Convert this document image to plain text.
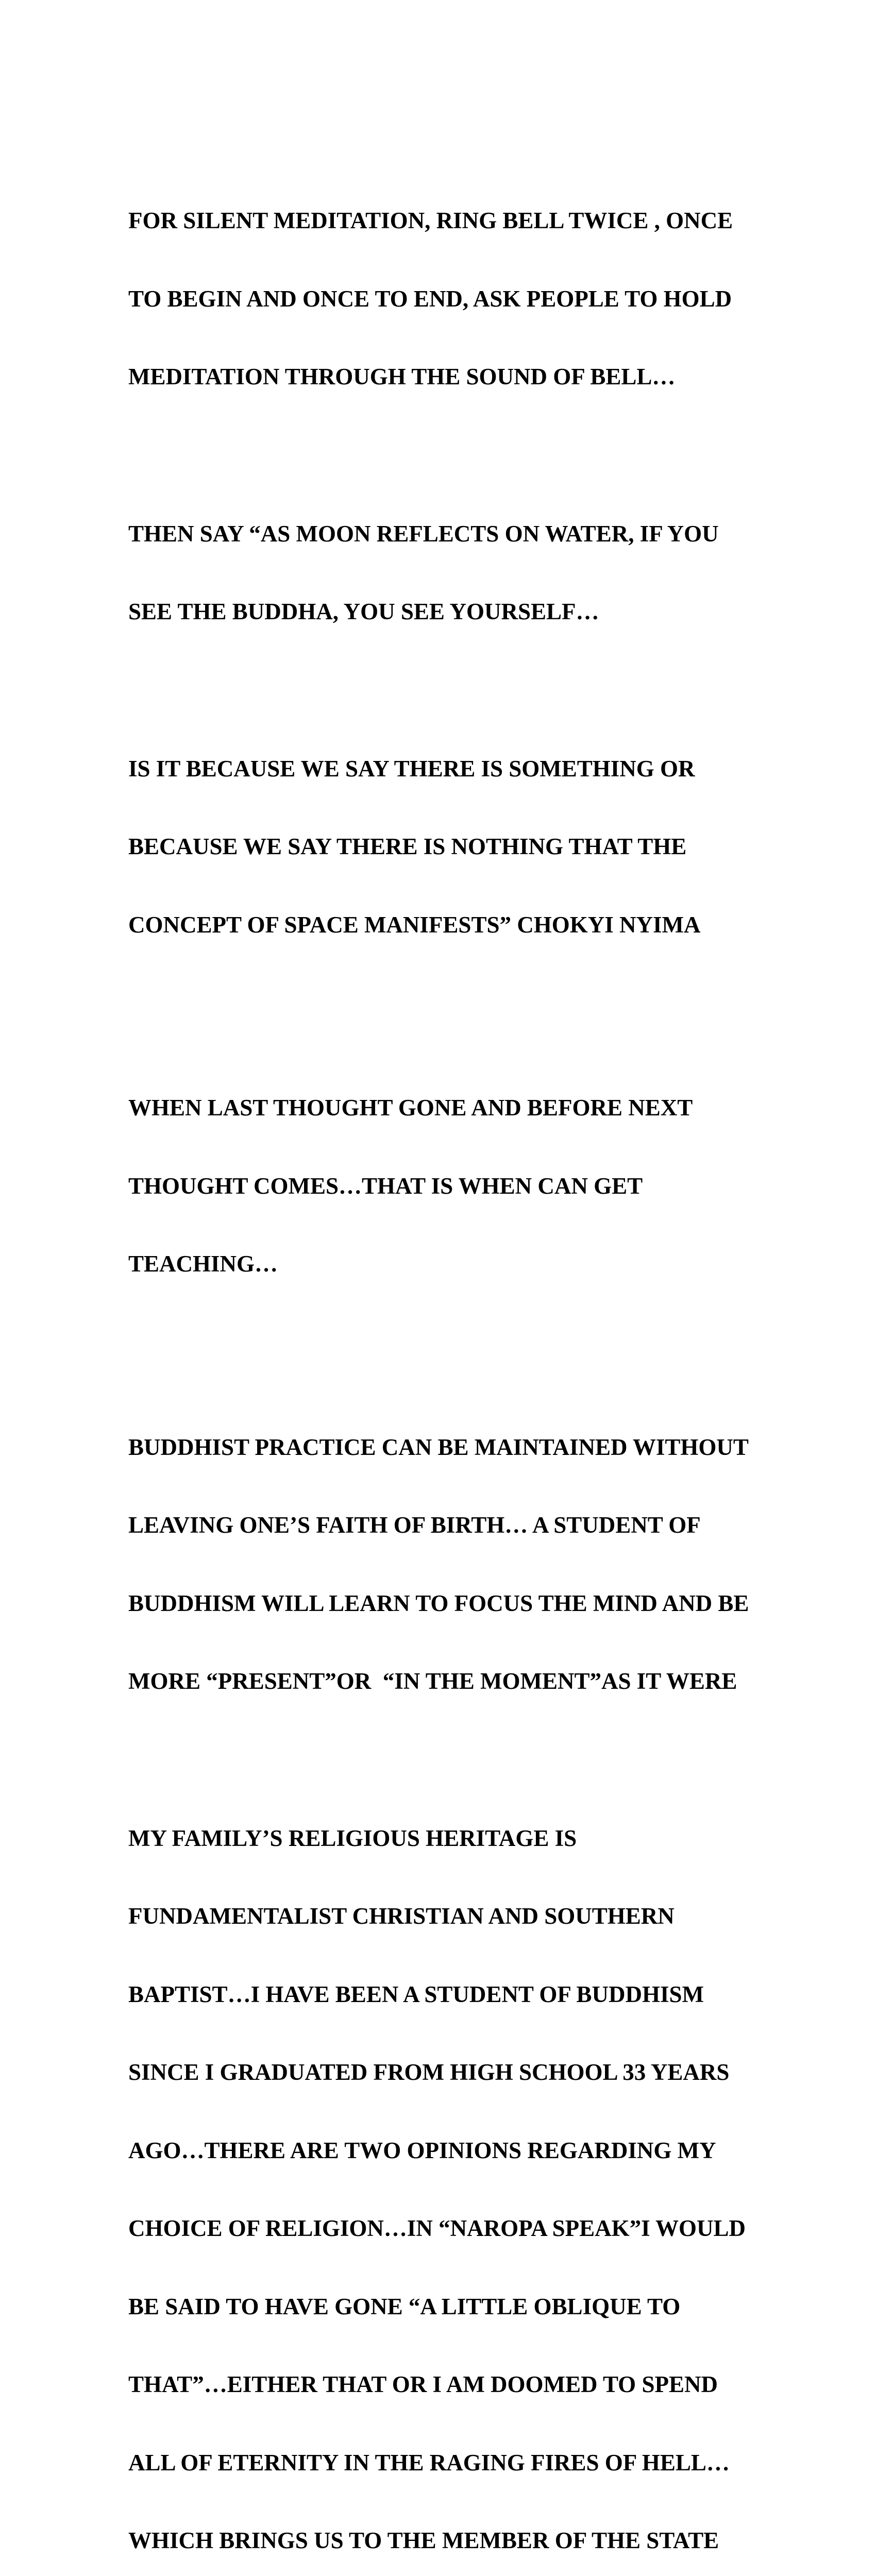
FOR SILENT MEDITATION, RING BELL TWICE , ONCE

TO BEGIN AND ONCE TO END, ASK PEOPLE TO HOLD

MEDITATION THROUGH THE SOUND OF BELL…

THEN SAY “AS MOON REFLECTS ON WATER, IF YOU

SEE THE BUDDHA, YOU SEE YOURSELF…

IS IT BECAUSE WE SAY THERE IS SOMETHING OR

BECAUSE WE SAY THERE IS NOTHING THAT THE

CONCEPT OF SPACE MANIFESTS” CHOKYI NYIMA

WHEN LAST THOUGHT GONE AND BEFORE NEXT

THOUGHT COMES…THAT IS WHEN CAN GET

TEACHING…

BUDDHIST PRACTICE CAN BE MAINTAINED WITHOUT

LEAVING ONE’S FAITH OF BIRTH… A STUDENT OF

BUDDHISM WILL LEARN TO FOCUS THE MIND AND BE

MORE “PRESENT”OR  “IN THE MOMENT”AS IT WERE

MY FAMILY’S RELIGIOUS HERITAGE IS

FUNDAMENTALIST CHRISTIAN AND SOUTHERN

BAPTIST…I HAVE BEEN A STUDENT OF BUDDHISM

SINCE I GRADUATED FROM HIGH SCHOOL 33 YEARS

AGO…THERE ARE TWO OPINIONS REGARDING MY

CHOICE OF RELIGION…IN “NAROPA SPEAK”I WOULD

BE SAID TO HAVE GONE “A LITTLE OBLIQUE TO

THAT”…EITHER THAT OR I AM DOOMED TO SPEND

ALL OF ETERNITY IN THE RAGING FIRES OF HELL…

WHICH BRINGS US TO THE MEMBER OF THE STATE
